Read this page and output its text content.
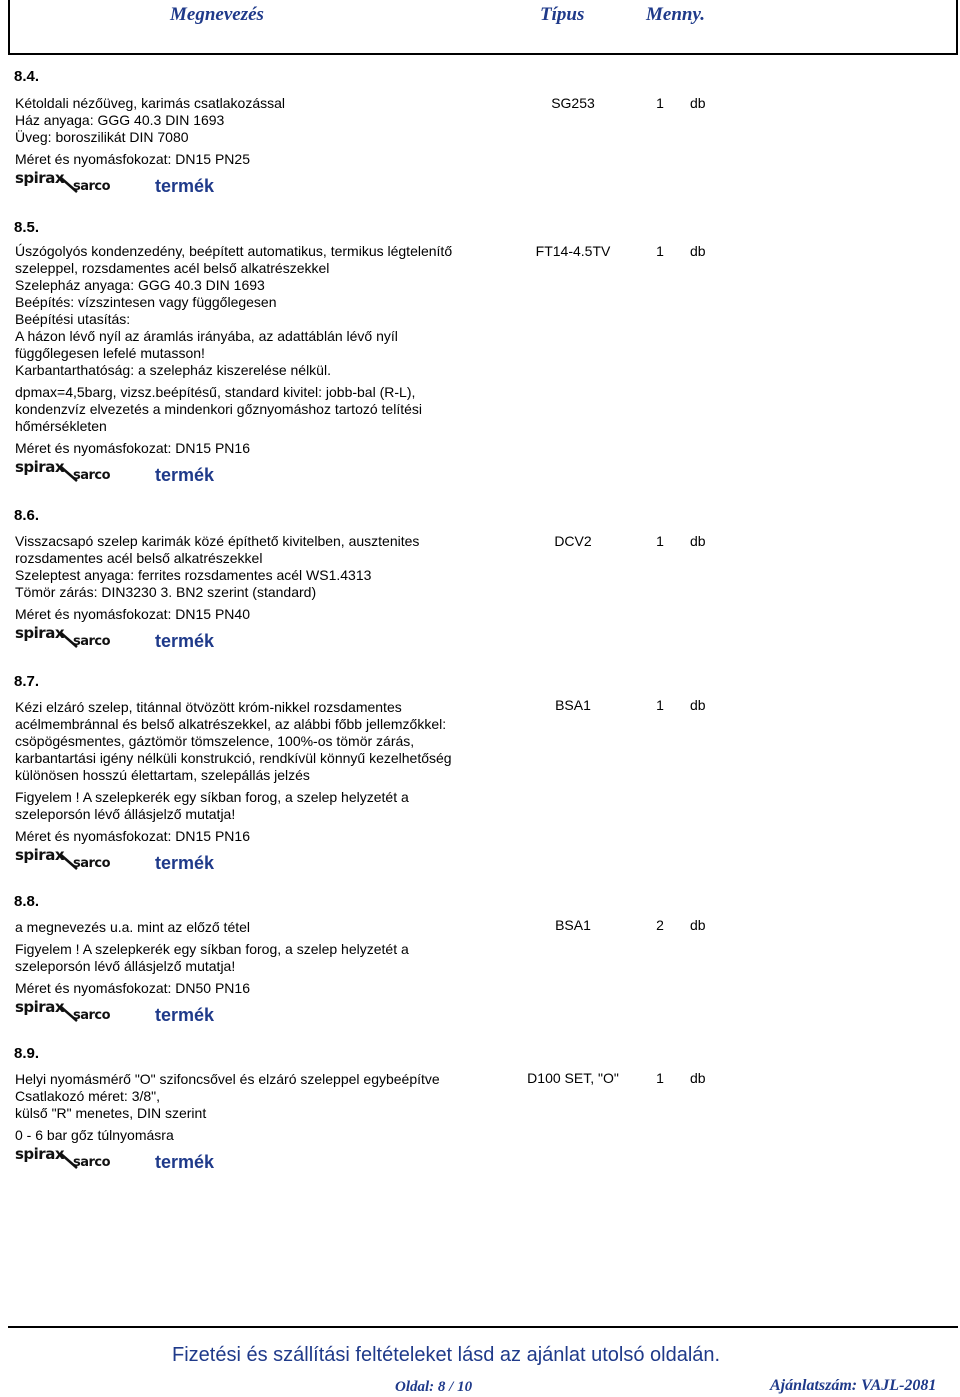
Megnevezés	Típus	Menny.
8.4.
Kétoldali nézőüveg, karimás csatlakozással
Ház anyaga: GGG 40.3 DIN 1693
Üveg: boroszilikát DIN 7080
Méret és nyomásfokozat: DN15 PN25
spirax sarco termék
SG253	1	db
8.5.
Úszógolyós kondenzedény, beépített automatikus, termikus légtelenítő
szeleppel, rozsdamentes acél belső alkatrészekkel
Szelepház anyaga: GGG 40.3 DIN 1693
Beépítés: vízszintesen vagy függőlegesen
Beépítési utasítás:
A házon lévő nyíl az áramlás irányába, az adattáblán lévő nyíl
függőlegesen lefelé mutasson!
Karbantarthatóság: a szelepház kiszerelése nélkül.
dpmax=4,5barg, vizsz.beépítésű, standard kivitel: jobb-bal (R-L),
kondenzvíz elvezetés a mindenkori gőznyomáshoz tartozó telítési
hőmérsékleten
Méret és nyomásfokozat: DN15 PN16
spirax sarco termék
FT14-4.5TV	1	db
8.6.
Visszacsapó szelep karimák közé építhető kivitelben, ausztenites
rozsdamentes acél belső alkatrészekkel
Szeleptest anyaga: ferrites rozsdamentes acél WS1.4313
Tömör zárás: DIN3230 3. BN2 szerint (standard)
Méret és nyomásfokozat: DN15 PN40
spirax sarco termék
DCV2	1	db
8.7.
Kézi elzáró szelep, titánnal ötvözött króm-nikkel rozsdamentes
acélmembránnal és belső alkatrészekkel, az alábbi főbb jellemzőkkel:
csöpögésmentes, gáztömör tömszelence, 100%-os tömör zárás,
karbantartási igény nélküli konstrukció, rendkívül könnyű kezelhetőség
különösen hosszú élettartam, szelepállás jelzés
Figyelem ! A szelepkerék egy síkban forog, a szelep helyzetét a
szeleporsón lévő állásjelző mutatja!
Méret és nyomásfokozat: DN15 PN16
spirax sarco termék
BSA1	1	db
8.8.
a megnevezés u.a. mint az előző tétel
Figyelem ! A szelepkerék egy síkban forog, a szelep helyzetét a
szeleporsón lévő állásjelző mutatja!
Méret és nyomásfokozat: DN50 PN16
spirax sarco termék
BSA1	2	db
8.9.
Helyi nyomásmérő "O" szifoncsővel és elzáró szeleppel egybeépítve
Csatlakozó méret: 3/8",
külső "R" menetes, DIN szerint
0 - 6 bar gőz túlnyomásra
spirax sarco termék
D100 SET, "O"	1	db
Fizetési és szállítási feltételeket lásd az ajánlat utolsó oldalán.
Oldal: 8 / 10	Ajánlatszám: VAJL-2081
